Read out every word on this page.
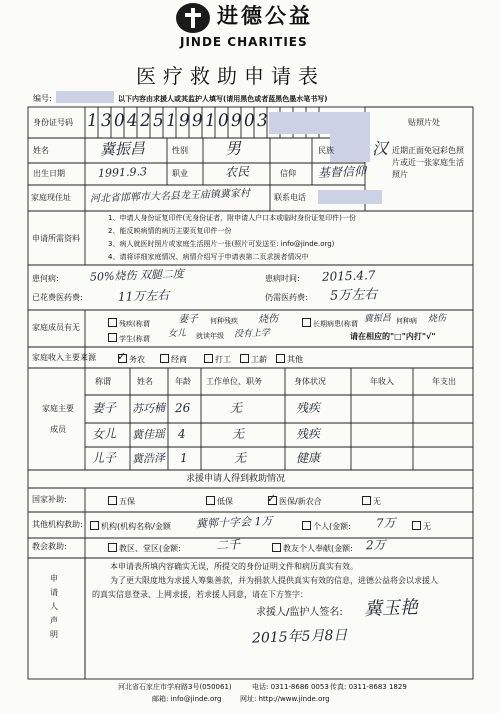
进德公益
JINDE CHARITIES
医疗救助申请表
编号:	以下内容由求援人或其监护人填写(请用黑色或者蓝黑色墨水笔书写)
身份证号码 1 3 0 4 2 5 1 9 9 1 0 9 0 3	贴照片处
近期正面免冠彩色照片或近一张家庭生活照片
姓名	冀振昌	性别 男	民族 汉
出生日期	1991.9.3	职业	农民	信仰 基督信仰
家庭现住址 河北省邯郸市大名县龙王庙镇冀家村	联系电话
申请所需资料
1、申请人身份证复印件(无身份证者，附申请人户口本或临时身份证复印件)一份
2、能反映病情的病历主要页复印件一份
3、病人就医时照片或家庭生活照片一张(照片可发送至: info@jinde.org)
4、请将详细家庭情况、病情介绍写于申请表第二页求援者情况中
患何病:	50%烧伤 双腿二度	患病时间: 2015.4.7
已花费医药费:	11万左右	仍需医药费: 5万左右
家庭成员有无	残疾(称谓	妻子 何种残疾 烧伤	长期病患(称谓 冀振昌 何种病 烧伤
学生(称谓 女儿 就读年级 没有上学	请在相应的"□"内打"√"
家庭收入主要来源	务农	经商	打工	工薪	其他
✓
家庭主要成员
称谓	姓名	年龄 工作单位、职务	身体状况	年收入	年支出
妻子 苏巧楠 26	无	残疾
女儿 冀佳瑶 4	无	残疾
儿子 冀浩泽 1	无	健康
求援申请人得到救助情况
国家补助:	五保	低保	医保/新农合	无
✓
其他机构救助:	机构(机构名称/金额 冀郸十字会 1万	个人(金额: 7万	无
教会救助:	教区、堂区(金额:	二千	教友个人奉献(金额: 2万
申请人声明
本申请表所填内容确实无误，所提交的身份证明文件和病历真实有效。
为了更大限度地为求援人筹集善款，并为捐款人提供真实有效的信息，进德公益将会以求援人
的真实信息登录、上网求援，若求援人同意，请在下方签字：
求援人/监护人签名: 冀玉艳
2015年5月8日
河北省石家庄市学府路3号(050061)	电话: 0311-8686 0053 传真: 0311-8683 1829
邮箱: info@jinde.org	网址: http://www.jinde.org
